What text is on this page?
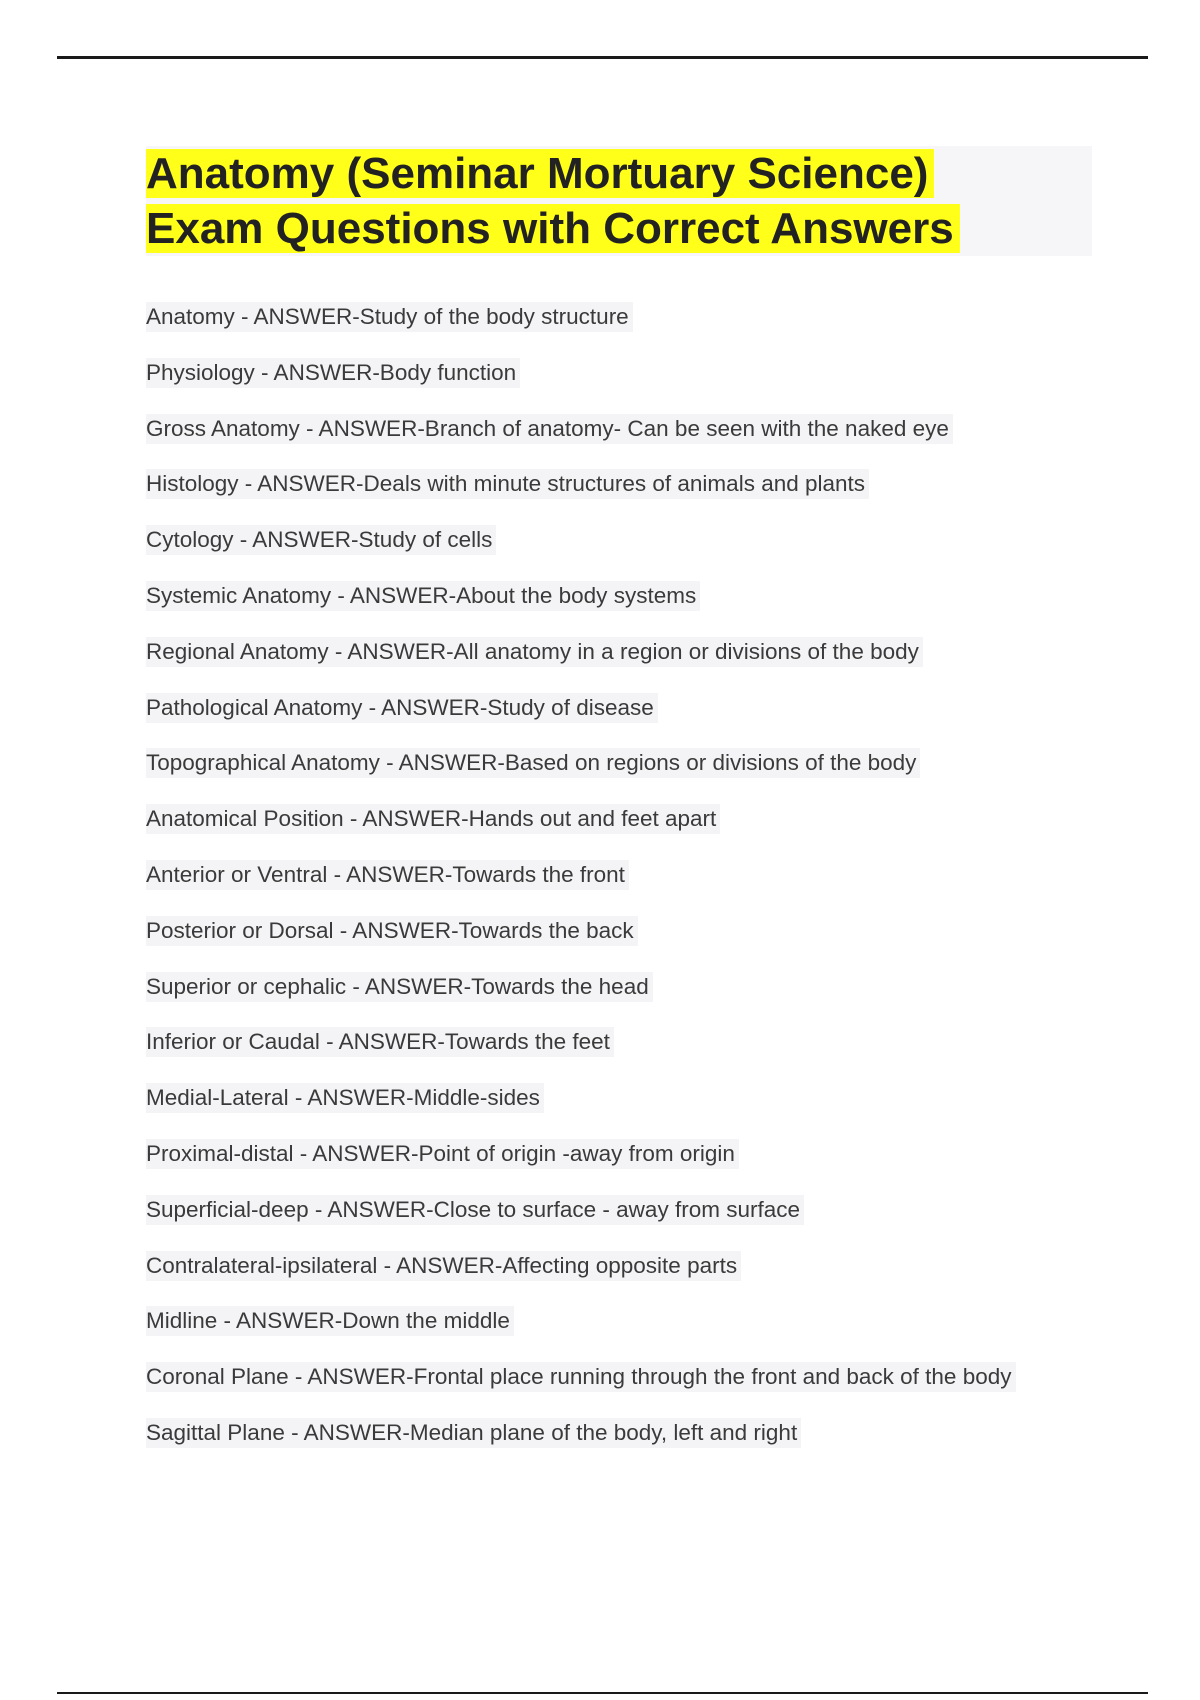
Anatomy (Seminar Mortuary Science)
Exam Questions with Correct Answers
Anatomy - ANSWER-Study of the body structure
Physiology - ANSWER-Body function
Gross Anatomy - ANSWER-Branch of anatomy- Can be seen with the naked eye
Histology - ANSWER-Deals with minute structures of animals and plants
Cytology - ANSWER-Study of cells
Systemic Anatomy - ANSWER-About the body systems
Regional Anatomy - ANSWER-All anatomy in a region or divisions of the body
Pathological Anatomy - ANSWER-Study of disease
Topographical Anatomy - ANSWER-Based on regions or divisions of the body
Anatomical Position - ANSWER-Hands out and feet apart
Anterior or Ventral - ANSWER-Towards the front
Posterior or Dorsal - ANSWER-Towards the back
Superior or cephalic - ANSWER-Towards the head
Inferior or Caudal - ANSWER-Towards the feet
Medial-Lateral - ANSWER-Middle-sides
Proximal-distal - ANSWER-Point of origin -away from origin
Superficial-deep - ANSWER-Close to surface - away from surface
Contralateral-ipsilateral - ANSWER-Affecting opposite parts
Midline - ANSWER-Down the middle
Coronal Plane - ANSWER-Frontal place running through the front and back of the body
Sagittal Plane - ANSWER-Median plane of the body, left and right
